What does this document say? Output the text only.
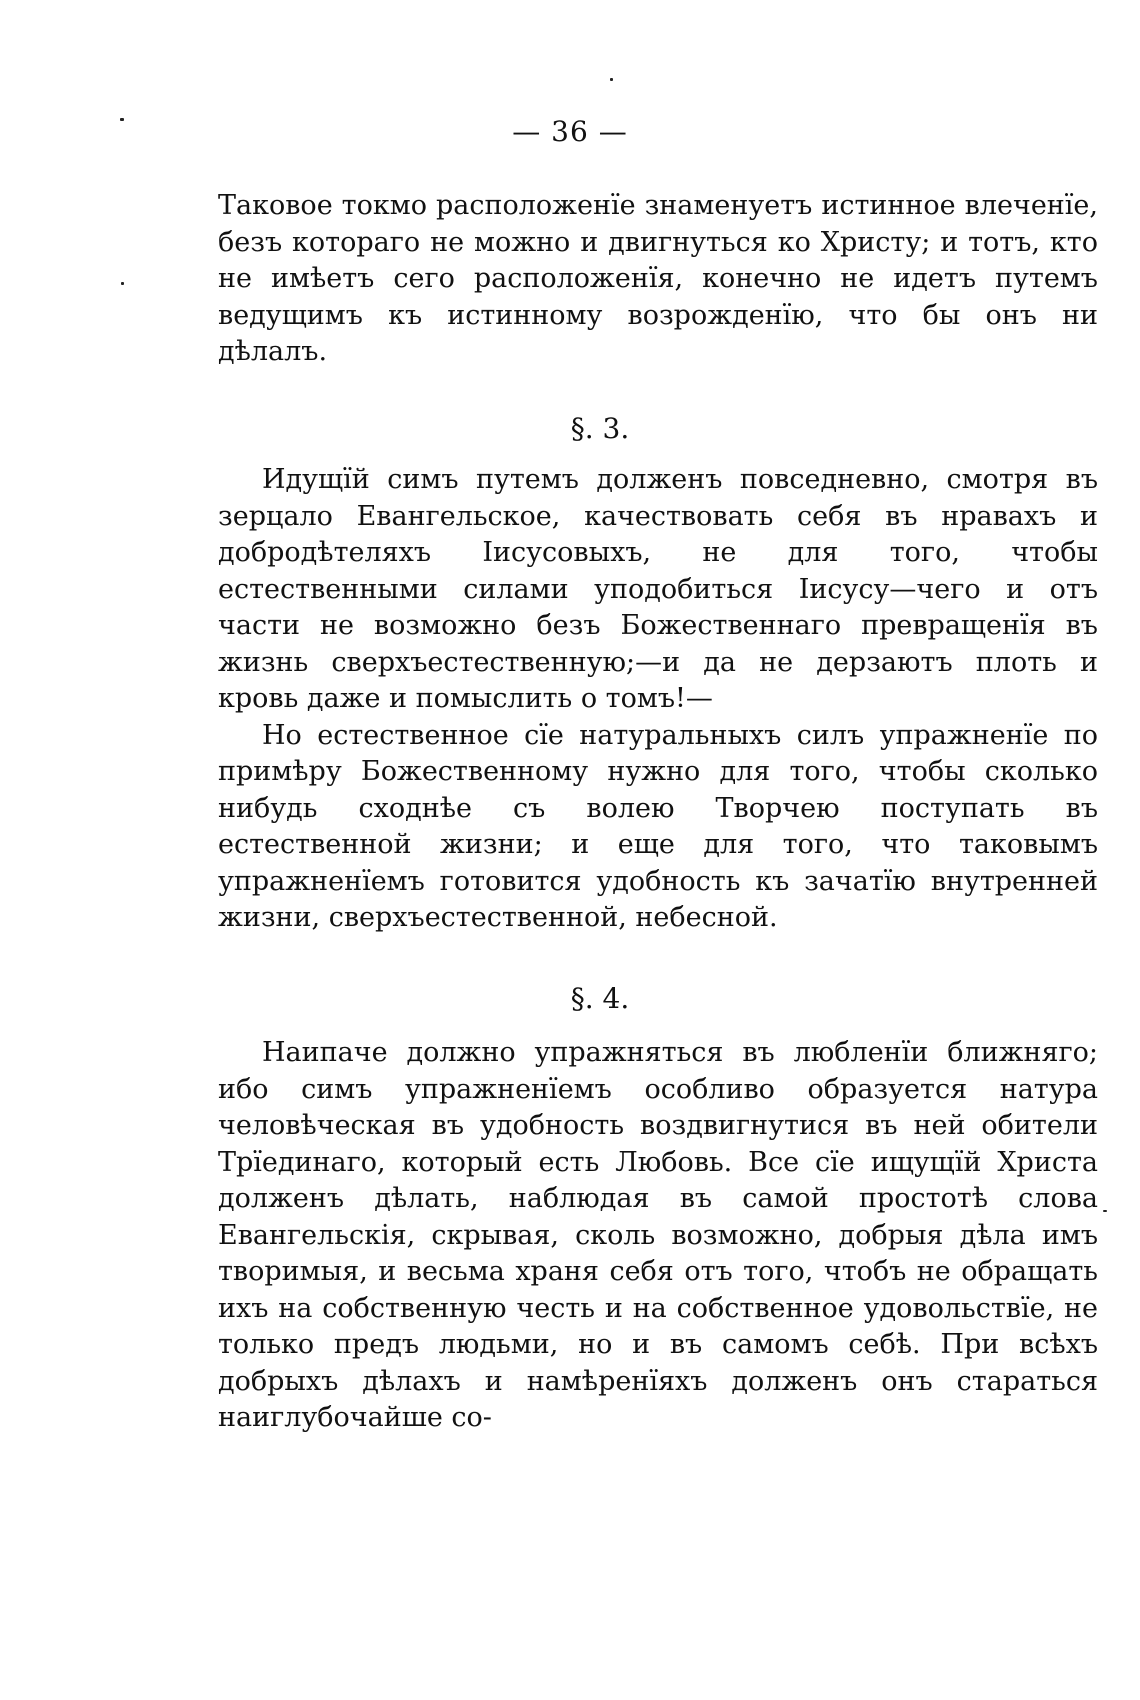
— 36 —

Таковое токмо расположенїе знаменуетъ истинное влеченїе, безъ котораго не можно и двигнуться ко Христу; и тотъ, кто не имѣетъ сего расположенїя, конечно не идетъ путемъ ведущимъ къ истинному возрожденїю, что бы онъ ни дѣлалъ.

§. 3.

Идущїй симъ путемъ долженъ повседневно, смотря въ зерцало Евангельское, качествовать себя въ нравахъ и добродѣтеляхъ Іисусовыхъ, не для того, чтобы естественными силами уподобиться Іисусу—чего и отъ части не возможно безъ Божественнаго превращенїя въ жизнь сверхъестественную;—и да не дерзаютъ плоть и кровь даже и помыслить о томъ!—

Но естественное сїе натуральныхъ силъ упражненїе по примѣру Божественному нужно для того, чтобы сколько нибудь сходнѣе съ волею Творчею поступать въ естественной жизни; и еще для того, что таковымъ упражненїемъ готовится удобность къ зачатїю внутренней жизни, сверхъестественной, небесной.

§. 4.

Наипаче должно упражняться въ любленїи ближняго; ибо симъ упражненїемъ особливо образуется натура человѣческая въ удобность воздвигнутися въ ней обители Трїединаго, который есть Любовь. Все сїе ищущїй Христа долженъ дѣлать, наблюдая въ самой простотѣ слова Евангельскія, скрывая, сколь возможно, добрыя дѣла имъ творимыя, и весьма храня себя отъ того, чтобъ не обращать ихъ на собственную честь и на собственное удовольствїе, не только предъ людьми, но и въ самомъ себѣ. При всѣхъ добрыхъ дѣлахъ и намѣренїяхъ долженъ онъ стараться наиглубочайше со-
